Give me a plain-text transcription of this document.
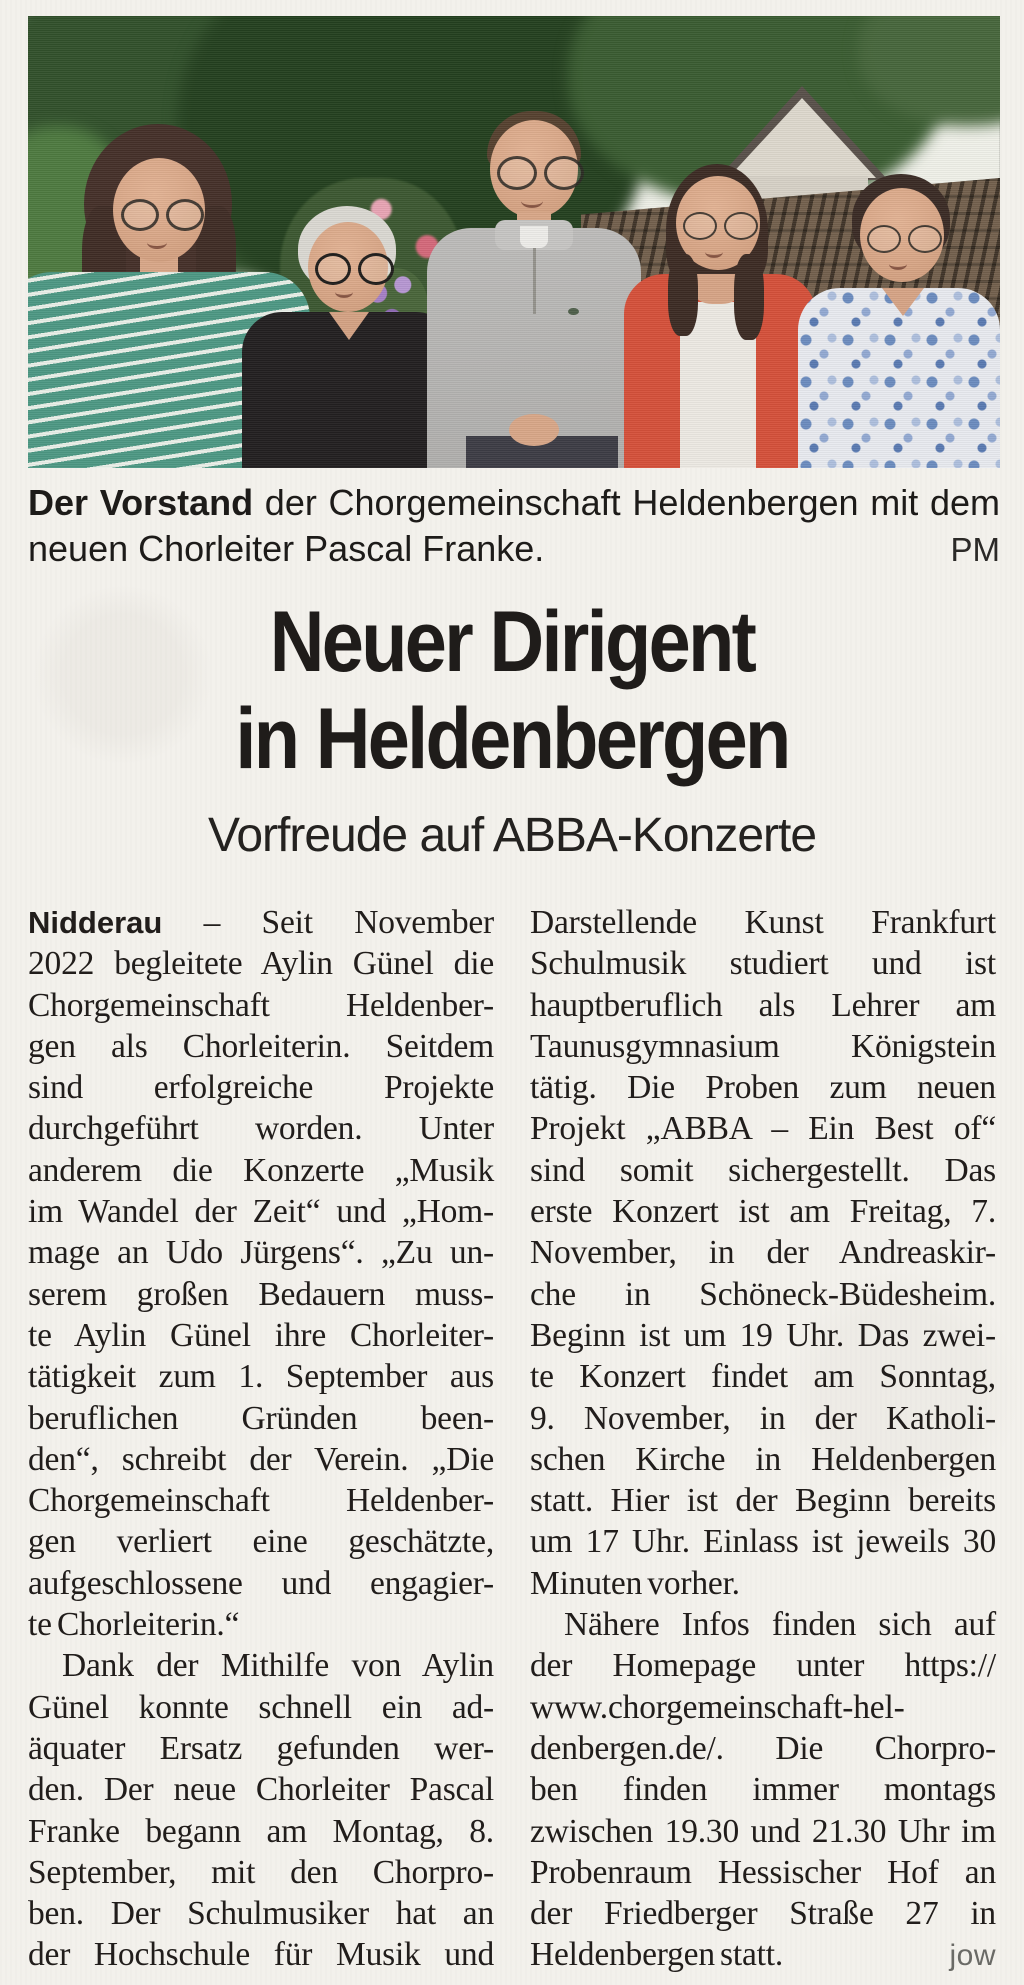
Der Vorstand der Chorgemeinschaft Heldenbergen mit dem
neuen Chorleiter Pascal Franke.	PM
Neuer Dirigent
in Heldenbergen
Vorfreude auf ABBA-Konzerte
Nidderau – Seit November
2022 begleitete Aylin Günel die
Chorgemeinschaft Heldenber-
gen als Chorleiterin. Seitdem
sind erfolgreiche Projekte
durchgeführt worden. Unter
anderem die Konzerte „Musik
im Wandel der Zeit“ und „Hom-
mage an Udo Jürgens“. „Zu un-
serem großen Bedauern muss-
te Aylin Günel ihre Chorleiter-
tätigkeit zum 1. September aus
beruflichen Gründen been-
den“, schreibt der Verein. „Die
Chorgemeinschaft Heldenber-
gen verliert eine geschätzte,
aufgeschlossene und engagier-
te Chorleiterin.“
Dank der Mithilfe von Aylin
Günel konnte schnell ein ad-
äquater Ersatz gefunden wer-
den. Der neue Chorleiter Pascal
Franke begann am Montag, 8.
September, mit den Chorpro-
ben. Der Schulmusiker hat an
der Hochschule für Musik und
Darstellende Kunst Frankfurt
Schulmusik studiert und ist
hauptberuflich als Lehrer am
Taunusgymnasium Königstein
tätig. Die Proben zum neuen
Projekt „ABBA – Ein Best of“
sind somit sichergestellt. Das
erste Konzert ist am Freitag, 7.
November, in der Andreaskir-
che in Schöneck-Büdesheim.
Beginn ist um 19 Uhr. Das zwei-
te Konzert findet am Sonntag,
9. November, in der Katholi-
schen Kirche in Heldenbergen
statt. Hier ist der Beginn bereits
um 17 Uhr. Einlass ist jeweils 30
Minuten vorher.
Nähere Infos finden sich auf
der Homepage unter https://
www.chorgemeinschaft-hel-
denbergen.de/. Die Chorpro-
ben finden immer montags
zwischen 19.30 und 21.30 Uhr im
Probenraum Hessischer Hof an
der Friedberger Straße 27 in
Heldenbergen statt.	jow
